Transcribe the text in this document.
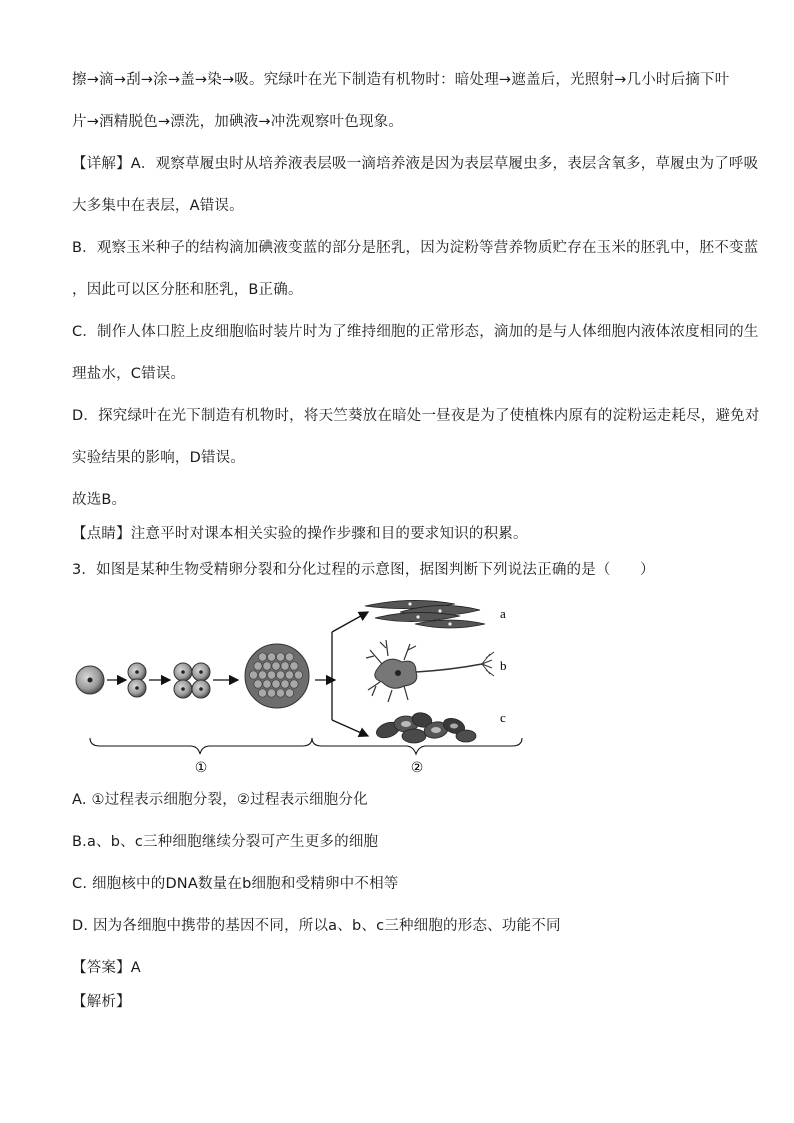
擦→滴→刮→涂→盖→染→吸。究绿叶在光下制造有机物时：暗处理→遮盖后，光照射→几小时后摘下叶
片→酒精脱色→漂洗，加碘液→冲洗观察叶色现象。
【详解】A．观察草履虫时从培养液表层吸一滴培养液是因为表层草履虫多，表层含氧多，草履虫为了呼吸
大多集中在表层，A错误。
B．观察玉米种子的结构滴加碘液变蓝的部分是胚乳，因为淀粉等营养物质贮存在玉米的胚乳中，胚不变蓝
，因此可以区分胚和胚乳，B正确。
C．制作人体口腔上皮细胞临时装片时为了维持细胞的正常形态，滴加的是与人体细胞内液体浓度相同的生
理盐水，C错误。
D．探究绿叶在光下制造有机物时，将天竺葵放在暗处一昼夜是为了使植株内原有的淀粉运走耗尽，避免对
实验结果的影响，D错误。
故选B。
【点睛】注意平时对课本相关实验的操作步骤和目的要求知识的积累。
3．如图是某种生物受精卵分裂和分化过程的示意图，据图判断下列说法正确的是（　　）
a
b
c
①	②
A. ①过程表示细胞分裂，②过程表示细胞分化
B.a、b、c三种细胞继续分裂可产生更多的细胞
C. 细胞核中的DNA数量在b细胞和受精卵中不相等
D. 因为各细胞中携带的基因不同，所以a、b、c三种细胞的形态、功能不同
【答案】A
【解析】
